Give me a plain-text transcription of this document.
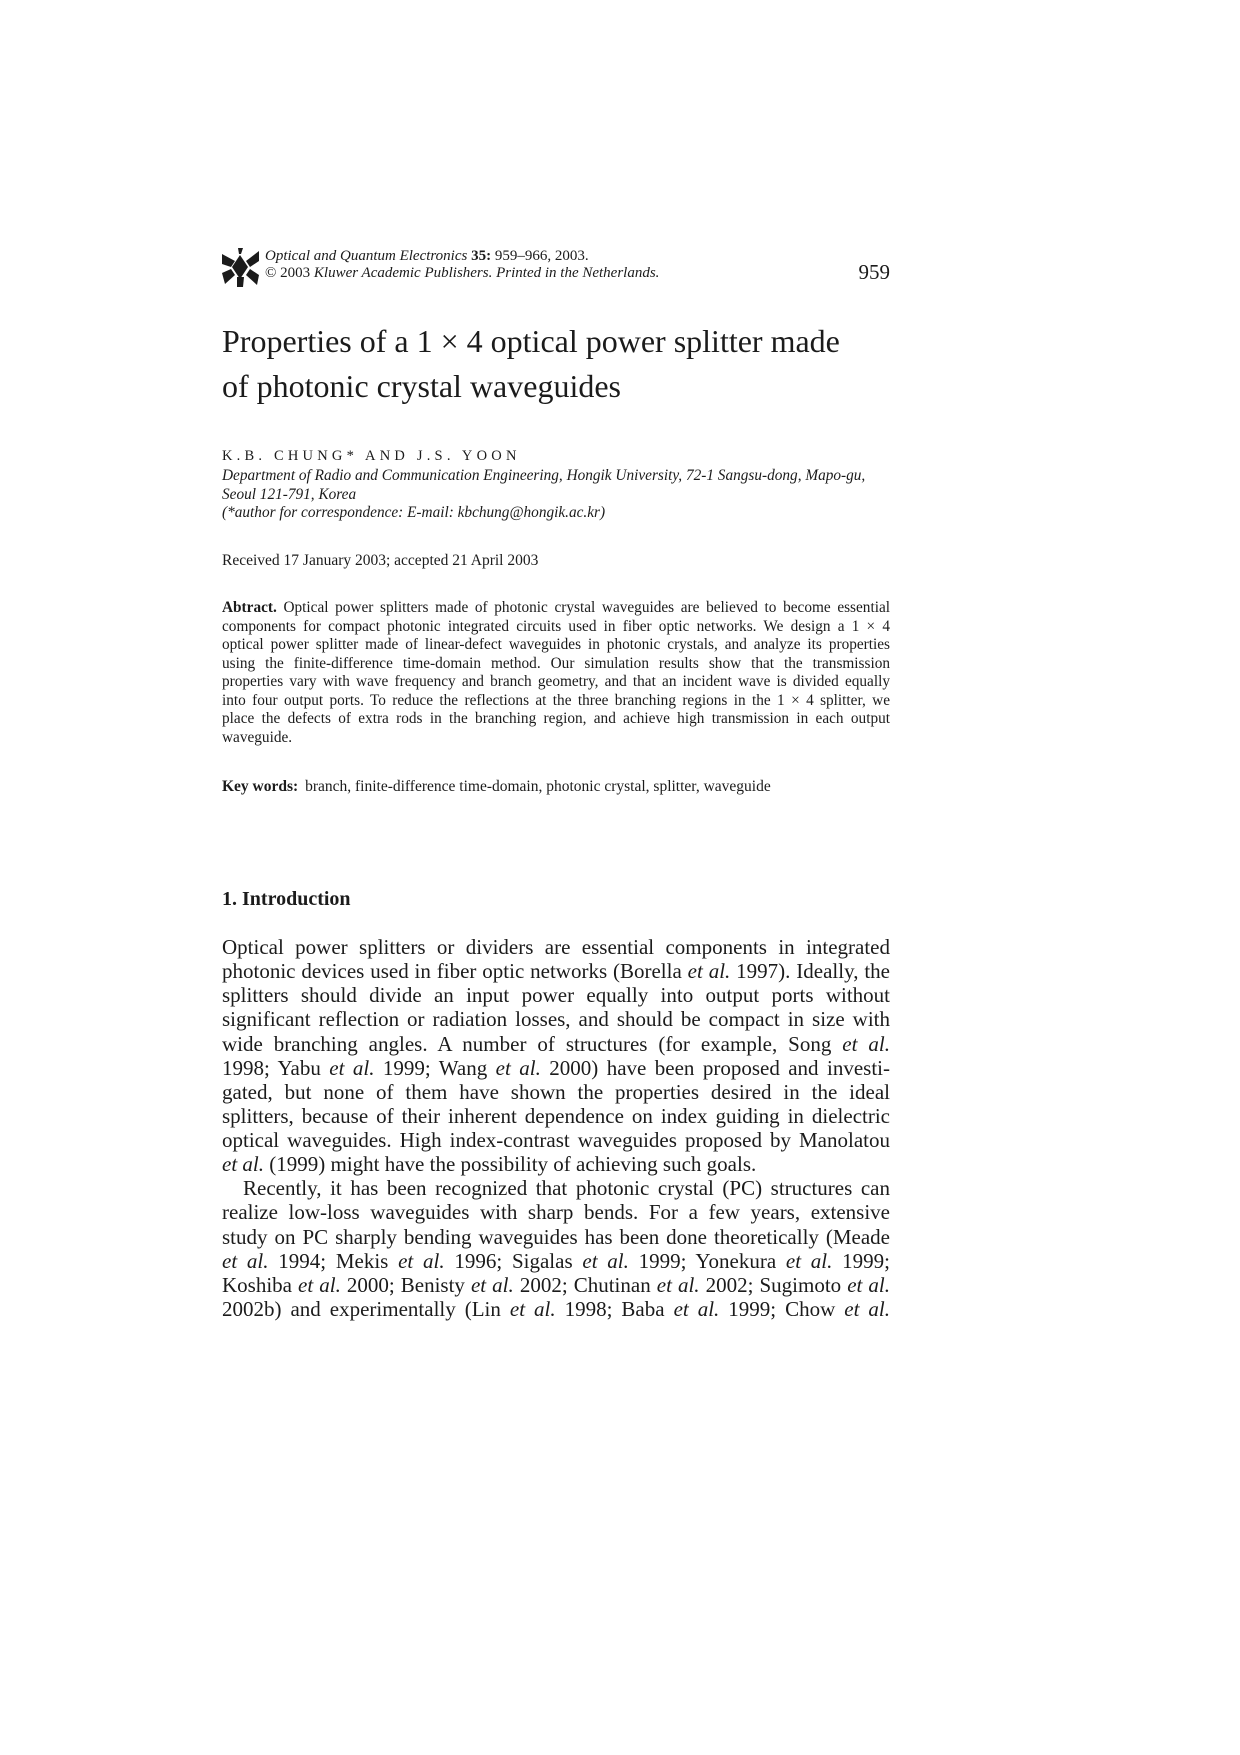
Optical and Quantum Electronics 35: 959–966, 2003.
© 2003 Kluwer Academic Publishers. Printed in the Netherlands.	959
Properties of a 1 × 4 optical power splitter made
of photonic crystal waveguides
K.B. CHUNG* AND J.S. YOON
Department of Radio and Communication Engineering, Hongik University, 72-1 Sangsu-dong, Mapo-gu,
Seoul 121-791, Korea
(*author for correspondence: E-mail: kbchung@hongik.ac.kr)
Received 17 January 2003; accepted 21 April 2003
Abtract. Optical power splitters made of photonic crystal waveguides are believed to become essential
components for compact photonic integrated circuits used in fiber optic networks. We design a 1 × 4
optical power splitter made of linear-defect waveguides in photonic crystals, and analyze its properties
using the finite-difference time-domain method. Our simulation results show that the transmission
properties vary with wave frequency and branch geometry, and that an incident wave is divided equally
into four output ports. To reduce the reflections at the three branching regions in the 1 × 4 splitter, we
place the defects of extra rods in the branching region, and achieve high transmission in each output
waveguide.
Key words: branch, finite-difference time-domain, photonic crystal, splitter, waveguide
1. Introduction
Optical power splitters or dividers are essential components in integrated
photonic devices used in fiber optic networks (Borella et al. 1997). Ideally, the
splitters should divide an input power equally into output ports without
significant reflection or radiation losses, and should be compact in size with
wide branching angles. A number of structures (for example, Song et al.
1998; Yabu et al. 1999; Wang et al. 2000) have been proposed and investi-
gated, but none of them have shown the properties desired in the ideal
splitters, because of their inherent dependence on index guiding in dielectric
optical waveguides. High index-contrast waveguides proposed by Manolatou
et al. (1999) might have the possibility of achieving such goals.
Recently, it has been recognized that photonic crystal (PC) structures can
realize low-loss waveguides with sharp bends. For a few years, extensive
study on PC sharply bending waveguides has been done theoretically (Meade
et al. 1994; Mekis et al. 1996; Sigalas et al. 1999; Yonekura et al. 1999;
Koshiba et al. 2000; Benisty et al. 2002; Chutinan et al. 2002; Sugimoto et al.
2002b) and experimentally (Lin et al. 1998; Baba et al. 1999; Chow et al.
